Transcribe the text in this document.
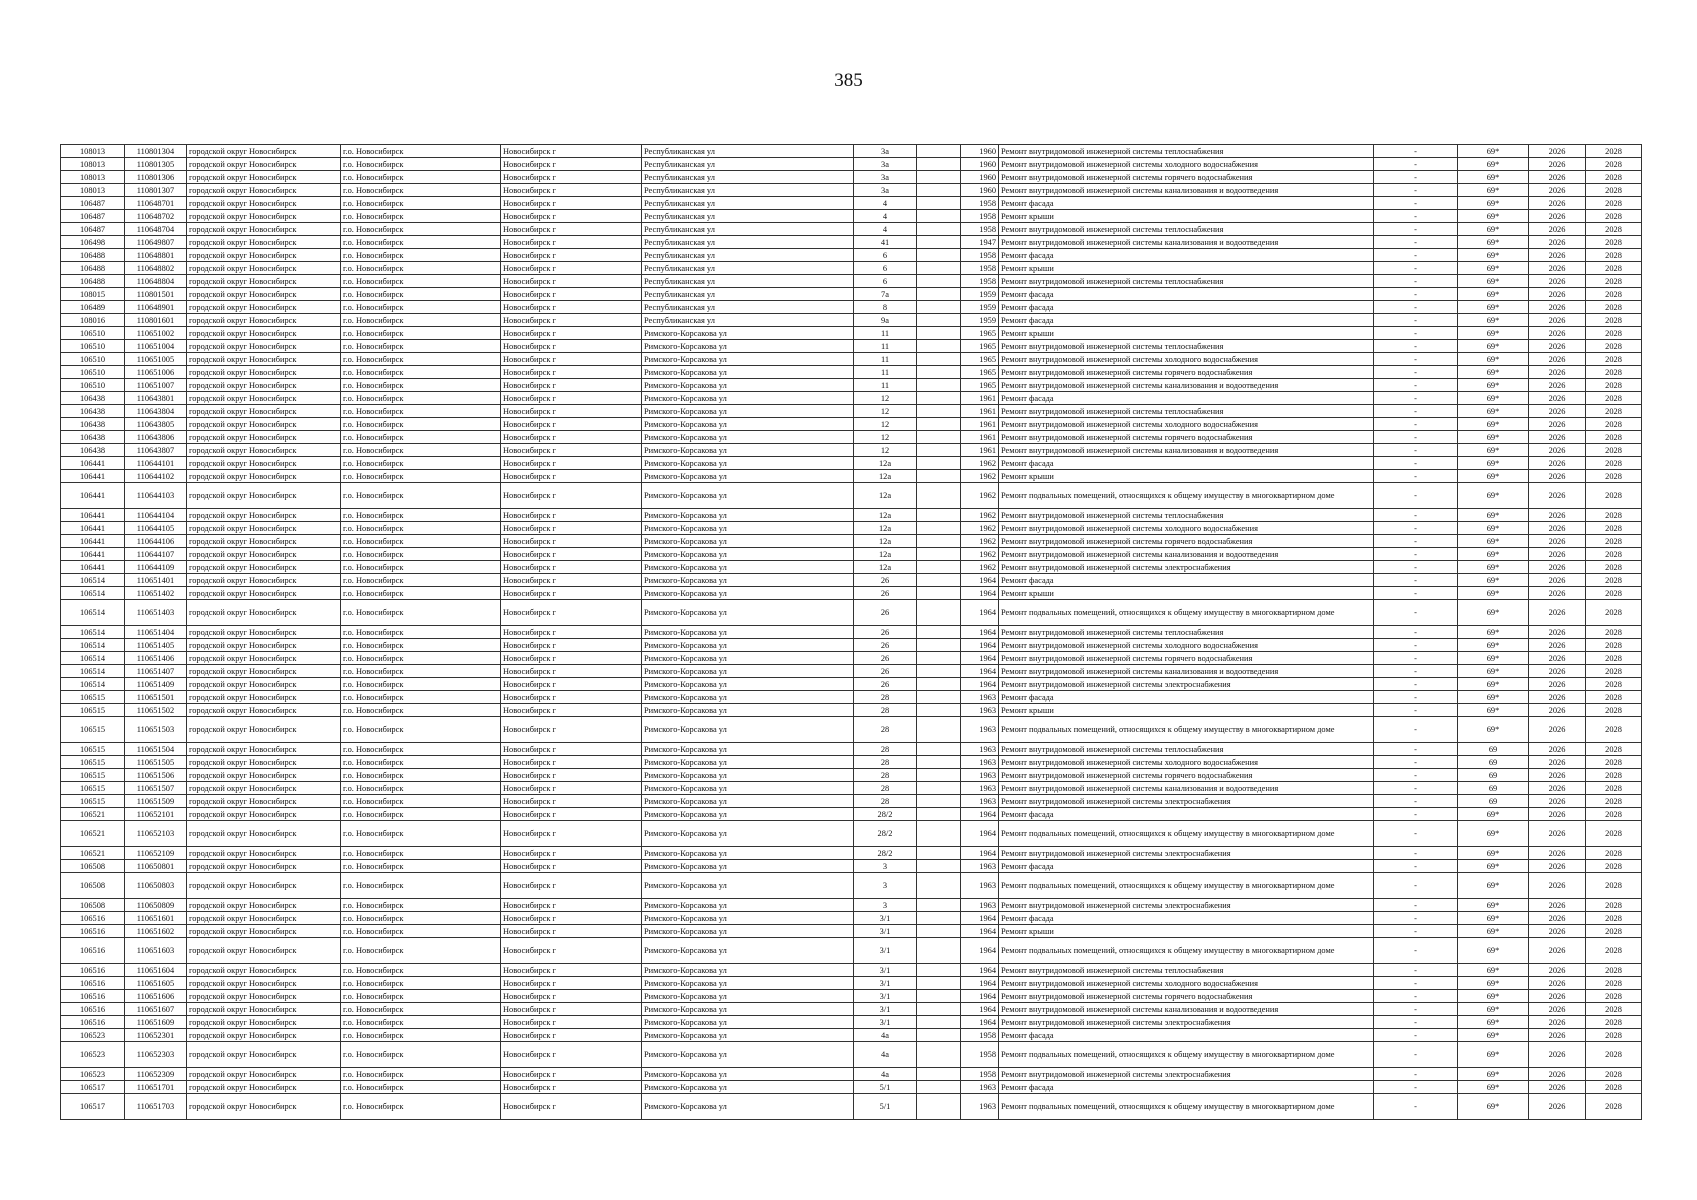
385
108013	110801304	городской округ Новосибирск	г.о. Новосибирск	Новосибирск г	Республиканская ул	3а		1960	Ремонт внутридомовой инженерной системы теплоснабжения	-	69*	2026	2028
108013	110801305	городской округ Новосибирск	г.о. Новосибирск	Новосибирск г	Республиканская ул	3а		1960	Ремонт внутридомовой инженерной системы холодного водоснабжения	-	69*	2026	2028
108013	110801306	городской округ Новосибирск	г.о. Новосибирск	Новосибирск г	Республиканская ул	3а		1960	Ремонт внутридомовой инженерной системы горячего водоснабжения	-	69*	2026	2028
108013	110801307	городской округ Новосибирск	г.о. Новосибирск	Новосибирск г	Республиканская ул	3а		1960	Ремонт внутридомовой инженерной системы канализования и водоотведения	-	69*	2026	2028
106487	110648701	городской округ Новосибирск	г.о. Новосибирск	Новосибирск г	Республиканская ул	4		1958	Ремонт фасада	-	69*	2026	2028
106487	110648702	городской округ Новосибирск	г.о. Новосибирск	Новосибирск г	Республиканская ул	4		1958	Ремонт крыши	-	69*	2026	2028
106487	110648704	городской округ Новосибирск	г.о. Новосибирск	Новосибирск г	Республиканская ул	4		1958	Ремонт внутридомовой инженерной системы теплоснабжения	-	69*	2026	2028
106498	110649807	городской округ Новосибирск	г.о. Новосибирск	Новосибирск г	Республиканская ул	41		1947	Ремонт внутридомовой инженерной системы канализования и водоотведения	-	69*	2026	2028
106488	110648801	городской округ Новосибирск	г.о. Новосибирск	Новосибирск г	Республиканская ул	6		1958	Ремонт фасада	-	69*	2026	2028
106488	110648802	городской округ Новосибирск	г.о. Новосибирск	Новосибирск г	Республиканская ул	6		1958	Ремонт крыши	-	69*	2026	2028
106488	110648804	городской округ Новосибирск	г.о. Новосибирск	Новосибирск г	Республиканская ул	6		1958	Ремонт внутридомовой инженерной системы теплоснабжения	-	69*	2026	2028
108015	110801501	городской округ Новосибирск	г.о. Новосибирск	Новосибирск г	Республиканская ул	7а		1959	Ремонт фасада	-	69*	2026	2028
106489	110648901	городской округ Новосибирск	г.о. Новосибирск	Новосибирск г	Республиканская ул	8		1959	Ремонт фасада	-	69*	2026	2028
108016	110801601	городской округ Новосибирск	г.о. Новосибирск	Новосибирск г	Республиканская ул	9а		1959	Ремонт фасада	-	69*	2026	2028
106510	110651002	городской округ Новосибирск	г.о. Новосибирск	Новосибирск г	Римского-Корсакова ул	11		1965	Ремонт крыши	-	69*	2026	2028
106510	110651004	городской округ Новосибирск	г.о. Новосибирск	Новосибирск г	Римского-Корсакова ул	11		1965	Ремонт внутридомовой инженерной системы теплоснабжения	-	69*	2026	2028
106510	110651005	городской округ Новосибирск	г.о. Новосибирск	Новосибирск г	Римского-Корсакова ул	11		1965	Ремонт внутридомовой инженерной системы холодного водоснабжения	-	69*	2026	2028
106510	110651006	городской округ Новосибирск	г.о. Новосибирск	Новосибирск г	Римского-Корсакова ул	11		1965	Ремонт внутридомовой инженерной системы горячего водоснабжения	-	69*	2026	2028
106510	110651007	городской округ Новосибирск	г.о. Новосибирск	Новосибирск г	Римского-Корсакова ул	11		1965	Ремонт внутридомовой инженерной системы канализования и водоотведения	-	69*	2026	2028
106438	110643801	городской округ Новосибирск	г.о. Новосибирск	Новосибирск г	Римского-Корсакова ул	12		1961	Ремонт фасада	-	69*	2026	2028
106438	110643804	городской округ Новосибирск	г.о. Новосибирск	Новосибирск г	Римского-Корсакова ул	12		1961	Ремонт внутридомовой инженерной системы теплоснабжения	-	69*	2026	2028
106438	110643805	городской округ Новосибирск	г.о. Новосибирск	Новосибирск г	Римского-Корсакова ул	12		1961	Ремонт внутридомовой инженерной системы холодного водоснабжения	-	69*	2026	2028
106438	110643806	городской округ Новосибирск	г.о. Новосибирск	Новосибирск г	Римского-Корсакова ул	12		1961	Ремонт внутридомовой инженерной системы горячего водоснабжения	-	69*	2026	2028
106438	110643807	городской округ Новосибирск	г.о. Новосибирск	Новосибирск г	Римского-Корсакова ул	12		1961	Ремонт внутридомовой инженерной системы канализования и водоотведения	-	69*	2026	2028
106441	110644101	городской округ Новосибирск	г.о. Новосибирск	Новосибирск г	Римского-Корсакова ул	12а		1962	Ремонт фасада	-	69*	2026	2028
106441	110644102	городской округ Новосибирск	г.о. Новосибирск	Новосибирск г	Римского-Корсакова ул	12а		1962	Ремонт крыши	-	69*	2026	2028
106441	110644103	городской округ Новосибирск	г.о. Новосибирск	Новосибирск г	Римского-Корсакова ул	12а		1962	Ремонт подвальных помещений, относящихся к общему имуществу в многоквартирном доме	-	69*	2026	2028
106441	110644104	городской округ Новосибирск	г.о. Новосибирск	Новосибирск г	Римского-Корсакова ул	12а		1962	Ремонт внутридомовой инженерной системы теплоснабжения	-	69*	2026	2028
106441	110644105	городской округ Новосибирск	г.о. Новосибирск	Новосибирск г	Римского-Корсакова ул	12а		1962	Ремонт внутридомовой инженерной системы холодного водоснабжения	-	69*	2026	2028
106441	110644106	городской округ Новосибирск	г.о. Новосибирск	Новосибирск г	Римского-Корсакова ул	12а		1962	Ремонт внутридомовой инженерной системы горячего водоснабжения	-	69*	2026	2028
106441	110644107	городской округ Новосибирск	г.о. Новосибирск	Новосибирск г	Римского-Корсакова ул	12а		1962	Ремонт внутридомовой инженерной системы канализования и водоотведения	-	69*	2026	2028
106441	110644109	городской округ Новосибирск	г.о. Новосибирск	Новосибирск г	Римского-Корсакова ул	12а		1962	Ремонт внутридомовой инженерной системы электроснабжения	-	69*	2026	2028
106514	110651401	городской округ Новосибирск	г.о. Новосибирск	Новосибирск г	Римского-Корсакова ул	26		1964	Ремонт фасада	-	69*	2026	2028
106514	110651402	городской округ Новосибирск	г.о. Новосибирск	Новосибирск г	Римского-Корсакова ул	26		1964	Ремонт крыши	-	69*	2026	2028
106514	110651403	городской округ Новосибирск	г.о. Новосибирск	Новосибирск г	Римского-Корсакова ул	26		1964	Ремонт подвальных помещений, относящихся к общему имуществу в многоквартирном доме	-	69*	2026	2028
106514	110651404	городской округ Новосибирск	г.о. Новосибирск	Новосибирск г	Римского-Корсакова ул	26		1964	Ремонт внутридомовой инженерной системы теплоснабжения	-	69*	2026	2028
106514	110651405	городской округ Новосибирск	г.о. Новосибирск	Новосибирск г	Римского-Корсакова ул	26		1964	Ремонт внутридомовой инженерной системы холодного водоснабжения	-	69*	2026	2028
106514	110651406	городской округ Новосибирск	г.о. Новосибирск	Новосибирск г	Римского-Корсакова ул	26		1964	Ремонт внутридомовой инженерной системы горячего водоснабжения	-	69*	2026	2028
106514	110651407	городской округ Новосибирск	г.о. Новосибирск	Новосибирск г	Римского-Корсакова ул	26		1964	Ремонт внутридомовой инженерной системы канализования и водоотведения	-	69*	2026	2028
106514	110651409	городской округ Новосибирск	г.о. Новосибирск	Новосибирск г	Римского-Корсакова ул	26		1964	Ремонт внутридомовой инженерной системы электроснабжения	-	69*	2026	2028
106515	110651501	городской округ Новосибирск	г.о. Новосибирск	Новосибирск г	Римского-Корсакова ул	28		1963	Ремонт фасада	-	69*	2026	2028
106515	110651502	городской округ Новосибирск	г.о. Новосибирск	Новосибирск г	Римского-Корсакова ул	28		1963	Ремонт крыши	-	69*	2026	2028
106515	110651503	городской округ Новосибирск	г.о. Новосибирск	Новосибирск г	Римского-Корсакова ул	28		1963	Ремонт подвальных помещений, относящихся к общему имуществу в многоквартирном доме	-	69*	2026	2028
106515	110651504	городской округ Новосибирск	г.о. Новосибирск	Новосибирск г	Римского-Корсакова ул	28		1963	Ремонт внутридомовой инженерной системы теплоснабжения	-	69	2026	2028
106515	110651505	городской округ Новосибирск	г.о. Новосибирск	Новосибирск г	Римского-Корсакова ул	28		1963	Ремонт внутридомовой инженерной системы холодного водоснабжения	-	69	2026	2028
106515	110651506	городской округ Новосибирск	г.о. Новосибирск	Новосибирск г	Римского-Корсакова ул	28		1963	Ремонт внутридомовой инженерной системы горячего водоснабжения	-	69	2026	2028
106515	110651507	городской округ Новосибирск	г.о. Новосибирск	Новосибирск г	Римского-Корсакова ул	28		1963	Ремонт внутридомовой инженерной системы канализования и водоотведения	-	69	2026	2028
106515	110651509	городской округ Новосибирск	г.о. Новосибирск	Новосибирск г	Римского-Корсакова ул	28		1963	Ремонт внутридомовой инженерной системы электроснабжения	-	69	2026	2028
106521	110652101	городской округ Новосибирск	г.о. Новосибирск	Новосибирск г	Римского-Корсакова ул	28/2		1964	Ремонт фасада	-	69*	2026	2028
106521	110652103	городской округ Новосибирск	г.о. Новосибирск	Новосибирск г	Римского-Корсакова ул	28/2		1964	Ремонт подвальных помещений, относящихся к общему имуществу в многоквартирном доме	-	69*	2026	2028
106521	110652109	городской округ Новосибирск	г.о. Новосибирск	Новосибирск г	Римского-Корсакова ул	28/2		1964	Ремонт внутридомовой инженерной системы электроснабжения	-	69*	2026	2028
106508	110650801	городской округ Новосибирск	г.о. Новосибирск	Новосибирск г	Римского-Корсакова ул	3		1963	Ремонт фасада	-	69*	2026	2028
106508	110650803	городской округ Новосибирск	г.о. Новосибирск	Новосибирск г	Римского-Корсакова ул	3		1963	Ремонт подвальных помещений, относящихся к общему имуществу в многоквартирном доме	-	69*	2026	2028
106508	110650809	городской округ Новосибирск	г.о. Новосибирск	Новосибирск г	Римского-Корсакова ул	3		1963	Ремонт внутридомовой инженерной системы электроснабжения	-	69*	2026	2028
106516	110651601	городской округ Новосибирск	г.о. Новосибирск	Новосибирск г	Римского-Корсакова ул	3/1		1964	Ремонт фасада	-	69*	2026	2028
106516	110651602	городской округ Новосибирск	г.о. Новосибирск	Новосибирск г	Римского-Корсакова ул	3/1		1964	Ремонт крыши	-	69*	2026	2028
106516	110651603	городской округ Новосибирск	г.о. Новосибирск	Новосибирск г	Римского-Корсакова ул	3/1		1964	Ремонт подвальных помещений, относящихся к общему имуществу в многоквартирном доме	-	69*	2026	2028
106516	110651604	городской округ Новосибирск	г.о. Новосибирск	Новосибирск г	Римского-Корсакова ул	3/1		1964	Ремонт внутридомовой инженерной системы теплоснабжения	-	69*	2026	2028
106516	110651605	городской округ Новосибирск	г.о. Новосибирск	Новосибирск г	Римского-Корсакова ул	3/1		1964	Ремонт внутридомовой инженерной системы холодного водоснабжения	-	69*	2026	2028
106516	110651606	городской округ Новосибирск	г.о. Новосибирск	Новосибирск г	Римского-Корсакова ул	3/1		1964	Ремонт внутридомовой инженерной системы горячего водоснабжения	-	69*	2026	2028
106516	110651607	городской округ Новосибирск	г.о. Новосибирск	Новосибирск г	Римского-Корсакова ул	3/1		1964	Ремонт внутридомовой инженерной системы канализования и водоотведения	-	69*	2026	2028
106516	110651609	городской округ Новосибирск	г.о. Новосибирск	Новосибирск г	Римского-Корсакова ул	3/1		1964	Ремонт внутридомовой инженерной системы электроснабжения	-	69*	2026	2028
106523	110652301	городской округ Новосибирск	г.о. Новосибирск	Новосибирск г	Римского-Корсакова ул	4а		1958	Ремонт фасада	-	69*	2026	2028
106523	110652303	городской округ Новосибирск	г.о. Новосибирск	Новосибирск г	Римского-Корсакова ул	4а		1958	Ремонт подвальных помещений, относящихся к общему имуществу в многоквартирном доме	-	69*	2026	2028
106523	110652309	городской округ Новосибирск	г.о. Новосибирск	Новосибирск г	Римского-Корсакова ул	4а		1958	Ремонт внутридомовой инженерной системы электроснабжения	-	69*	2026	2028
106517	110651701	городской округ Новосибирск	г.о. Новосибирск	Новосибирск г	Римского-Корсакова ул	5/1		1963	Ремонт фасада	-	69*	2026	2028
106517	110651703	городской округ Новосибирск	г.о. Новосибирск	Новосибирск г	Римского-Корсакова ул	5/1		1963	Ремонт подвальных помещений, относящихся к общему имуществу в многоквартирном доме	-	69*	2026	2028
